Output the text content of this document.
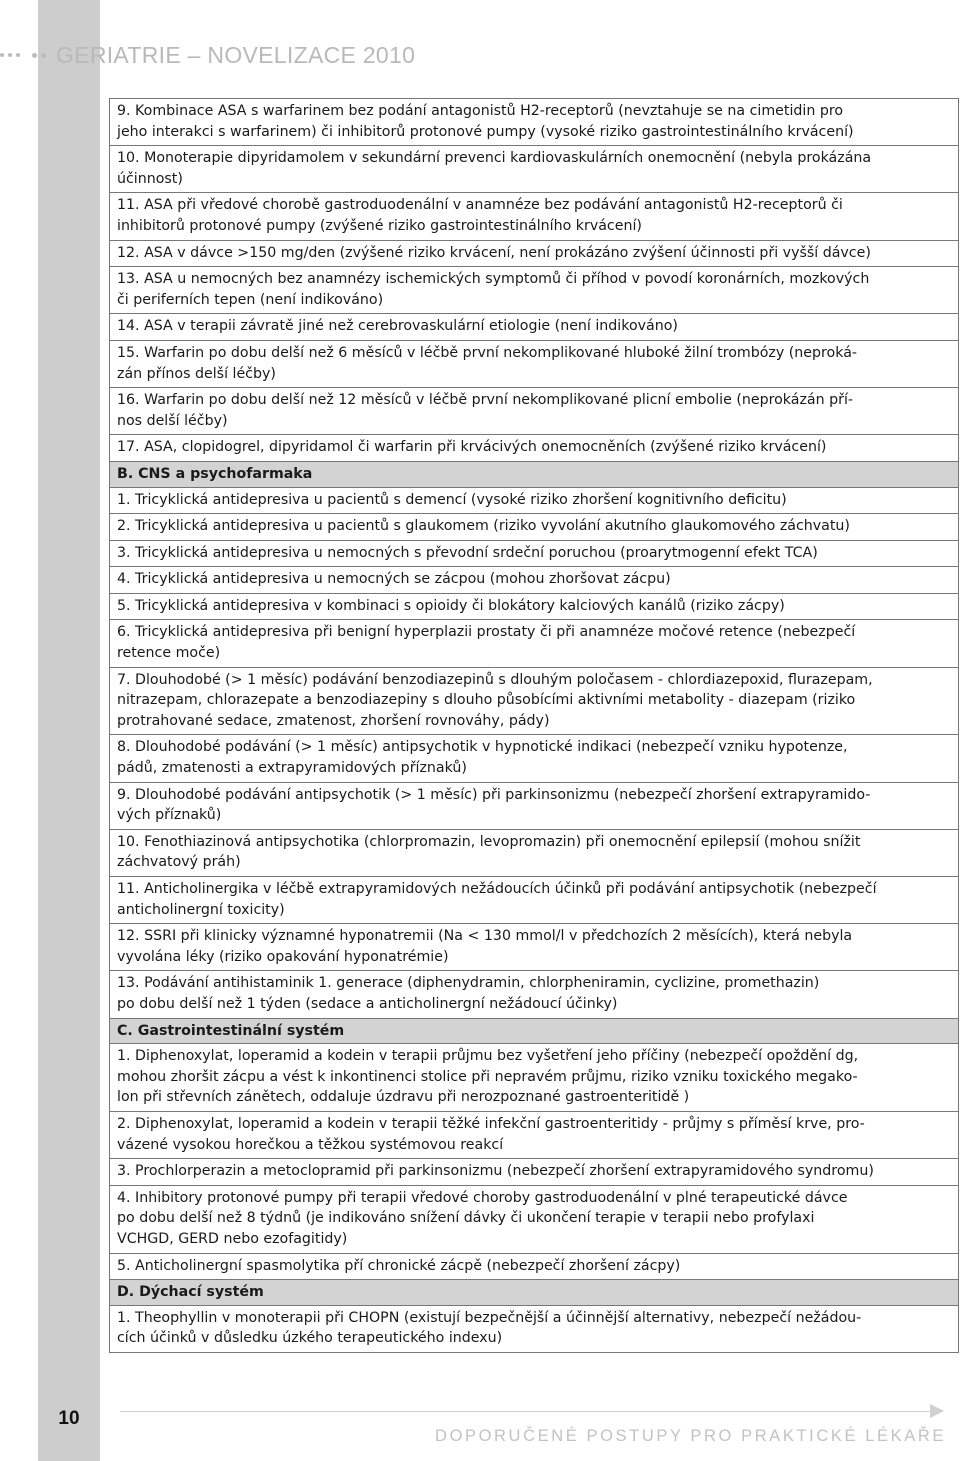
GERIATRIE – NOVELIZACE 2010
9. Kombinace ASA s warfarinem bez podání antagonistů H2-receptorů (nevztahuje se na cimetidin pro
jeho interakci s warfarinem) či inhibitorů protonové pumpy (vysoké riziko gastrointestinálního krvácení)
10. Monoterapie dipyridamolem v sekundární prevenci kardiovaskulárních onemocnění (nebyla prokázána
účinnost)
11. ASA při vředové chorobě gastroduodenální v anamnéze bez podávání antagonistů H2-receptorů či
inhibitorů protonové pumpy (zvýšené riziko gastrointestinálního krvácení)
12. ASA v dávce >150 mg/den (zvýšené riziko krvácení, není prokázáno zvýšení účinnosti při vyšší dávce)
13. ASA u nemocných bez anamnézy ischemických symptomů či příhod v povodí koronárních, mozkových
či periferních tepen (není indikováno)
14. ASA v terapii závratě jiné než cerebrovaskulární etiologie (není indikováno)
15. Warfarin po dobu delší než 6 měsíců v léčbě první nekomplikované hluboké žilní trombózy (neproká-
zán přínos delší léčby)
16. Warfarin po dobu delší než 12 měsíců v léčbě první nekomplikované plicní embolie (neprokázán pří-
nos delší léčby)
17. ASA, clopidogrel, dipyridamol či warfarin při krvácivých onemocněních (zvýšené riziko krvácení)
B. CNS a psychofarmaka
1. Tricyklická antidepresiva u pacientů s demencí (vysoké riziko zhoršení kognitivního deficitu)
2. Tricyklická antidepresiva u pacientů s glaukomem (riziko vyvolání akutního glaukomového záchvatu)
3. Tricyklická antidepresiva u nemocných s převodní srdeční poruchou (proarytmogenní efekt TCA)
4. Tricyklická antidepresiva u nemocných se zácpou (mohou zhoršovat zácpu)
5. Tricyklická antidepresiva v kombinaci s opioidy či blokátory kalciových kanálů (riziko zácpy)
6. Tricyklická antidepresiva při benigní hyperplazii prostaty či při anamnéze močové retence (nebezpečí
retence moče)
7. Dlouhodobé (> 1 měsíc) podávání benzodiazepinů s dlouhým poločasem - chlordiazepoxid, flurazepam,
nitrazepam, chlorazepate a benzodiazepiny s dlouho působícími aktivními metabolity - diazepam (riziko
protrahované sedace, zmatenost, zhoršení rovnováhy, pády)
8. Dlouhodobé podávání (> 1 měsíc) antipsychotik v hypnotické indikaci (nebezpečí vzniku hypotenze,
pádů, zmatenosti a extrapyramidových příznaků)
9. Dlouhodobé podávání antipsychotik (> 1 měsíc) při parkinsonizmu (nebezpečí zhoršení extrapyramido-
vých příznaků)
10. Fenothiazinová antipsychotika (chlorpromazin, levopromazin) při onemocnění epilepsií (mohou snížit
záchvatový práh)
11. Anticholinergika v léčbě extrapyramidových nežádoucích účinků při podávání antipsychotik (nebezpečí
anticholinergní toxicity)
12. SSRI při klinicky významné hyponatremii (Na < 130 mmol/l v předchozích 2 měsících), která nebyla
vyvolána léky (riziko opakování hyponatrémie)
13. Podávání antihistaminik 1. generace (diphenydramin, chlorpheniramin, cyclizine, promethazin)
po dobu delší než 1 týden (sedace a anticholinergní nežádoucí účinky)
C. Gastrointestinální systém
1. Diphenoxylat, loperamid a kodein v terapii průjmu bez vyšetření jeho příčiny (nebezpečí opoždění dg,
mohou zhoršit zácpu a vést k inkontinenci stolice při nepravém průjmu, riziko vzniku toxického megako-
lon při střevních zánětech, oddaluje úzdravu při nerozpoznané gastroenteritidě )
2. Diphenoxylat, loperamid a kodein v terapii těžké infekční gastroenteritidy - průjmy s příměsí krve, pro-
vázené vysokou horečkou a těžkou systémovou reakcí
3. Prochlorperazin a metoclopramid při parkinsonizmu (nebezpečí zhoršení extrapyramidového syndromu)
4. Inhibitory protonové pumpy při terapii vředové choroby gastroduodenální v plné terapeutické dávce
po dobu delší než 8 týdnů (je indikováno snížení dávky či ukončení terapie v terapii nebo profylaxi
VCHGD, GERD nebo ezofagitidy)
5. Anticholinergní spasmolytika pří chronické zácpě (nebezpečí zhoršení zácpy)
D. Dýchací systém
1. Theophyllin v monoterapii při CHOPN (existují bezpečnější a účinnější alternativy, nebezpečí nežádou-
cích účinků v důsledku úzkého terapeutického indexu)
10
DOPORUČENÉ POSTUPY PRO PRAKTICKÉ LÉKAŘE
